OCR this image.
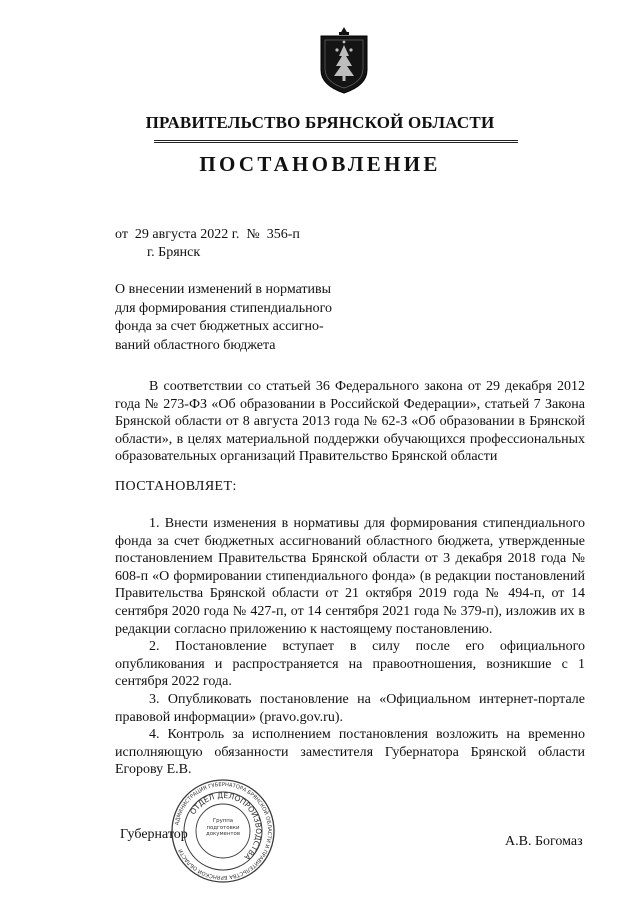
ПРАВИТЕЛЬСТВО БРЯНСКОЙ ОБЛАСТИ
ПОСТАНОВЛЕНИЕ
от  29 августа 2022 г.  №  356-п
г. Брянск
О внесении изменений в нормативы
для формирования стипендиального
фонда за счет бюджетных ассигно-
ваний областного бюджета

В соответствии со статьей 36 Федерального закона от 29 декабря 2012 года № 273-ФЗ «Об образовании в Российской Федерации», статьей 7 Закона Брянской области от 8 августа 2013 года № 62-З «Об образовании в Брянской области», в целях материальной поддержки обучающихся профессиональных образовательных организаций Правительство Брянской области

ПОСТАНОВЛЯЕТ:

1. Внести изменения в нормативы для формирования стипендиального фонда за счет бюджетных ассигнований областного бюджета, утвержденные постановлением Правительства Брянской области от 3 декабря 2018 года № 608-п «О формировании стипендиального фонда» (в редакции постановлений Правительства Брянской области от 21 октября 2019 года № 494-п, от 14 сентября 2020 года № 427-п, от 14 сентября 2021 года № 379-п), изложив их в редакции согласно приложению к настоящему постановлению.

2. Постановление вступает в силу после его официального опубликования и распространяется на правоотношения, возникшие с 1 сентября 2022 года.

3. Опубликовать постановление на «Официальном интернет-портале правовой информации» (pravo.gov.ru).

4. Контроль за исполнением постановления возложить на временно исполняющую обязанности заместителя Губернатора Брянской области Егорову Е.В.

АДМИНИСТРАЦИЯ ГУБЕРНАТОРА БРЯНСКОЙ ОБЛАСТИ И ПРАВИТЕЛЬСТВА БРЯНСКОЙ ОБЛАСТИ
ОТДЕЛ ДЕЛОПРОИЗВОДСТВА
Группа подготовки документов
Губернатор	А.В. Богомаз
